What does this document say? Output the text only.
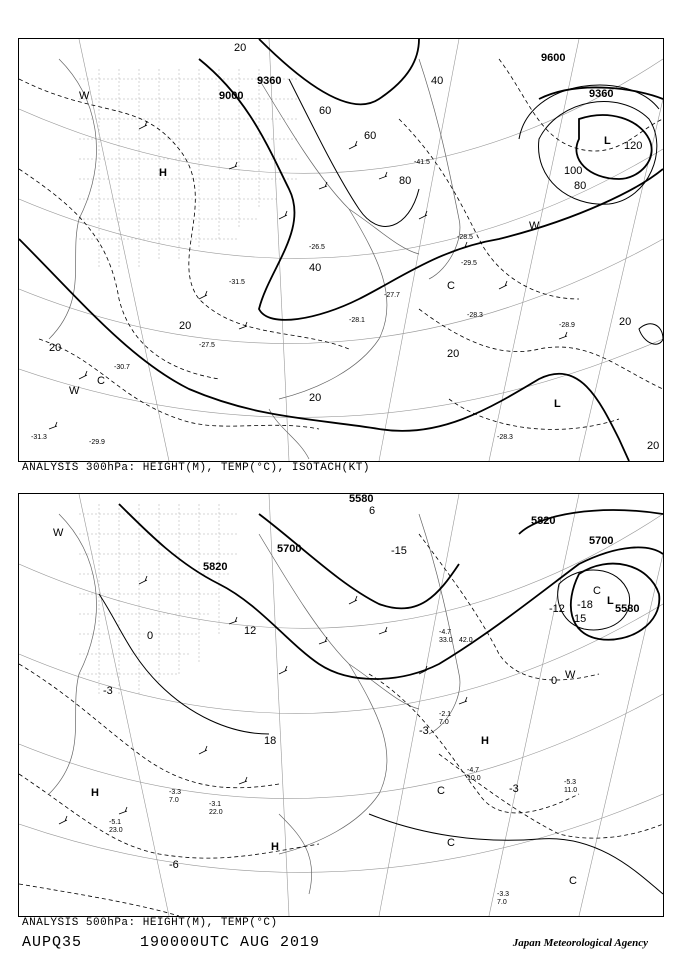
9360
9600
9360
9000
20
40
60
80
100
120
20
20
20
20
20
20
40
60
80
L
L
H
W
W
C
C
W
-28.3
-28.1
-29.5
-27.7
-27.5
-31.5
-28.5
-30.7
-29.9
-28.3
-28.9
-31.3
-26.5
-41.5
ANALYSIS 300hPa: HEIGHT(M), TEMP(°C), ISOTACH(KT)
5820
5700
5580
5580
5700
5820
-3
-6
0
-3
-3
-15
-12 -18
15
12
18
6
0
H
H
H
C
C
C
L
W
W
C
-4.7
10.0
-5.3
11.0
-3.3
7.0
-3.3
7.0
-2.1
7.0
-4.7
33.0 42.0
-5.1
23.0
-3.1
22.0
ANALYSIS 500hPa: HEIGHT(M), TEMP(°C)
AUPQ35	190000UTC AUG 2019	Japan Meteorological Agency
